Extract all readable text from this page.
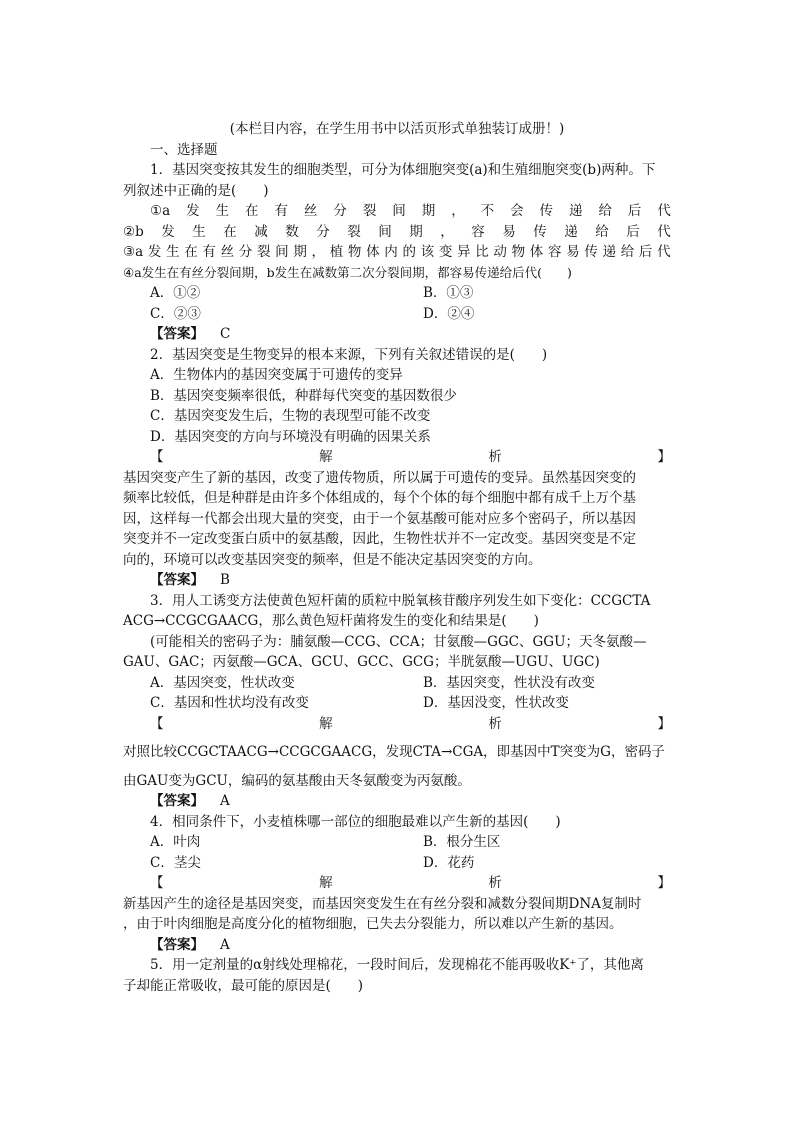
(本栏目内容，在学生用书中以活页形式单独装订成册！)
一、选择题
1．基因突变按其发生的细胞类型，可分为体细胞突变(a)和生殖细胞突变(b)两种。下
列叙述中正确的是(　　)
①a 发 生 在 有 丝 分 裂 间 期 ， 不 会 传 递 给 后 代
②b 发 生 在 减 数 分 裂 间 期 ， 容 易 传 递 给 后 代
③a 发 生 在 有 丝 分 裂 间 期 ， 植 物 体 内 的 该 变 异 比 动 物 体 容 易 传 递 给 后 代
④a发生在有丝分裂间期，b发生在减数第二次分裂间期，都容易传递给后代(　　)
A．①②	B．①③
C．②③	D．②④
【答案】 C
2．基因突变是生物变异的根本来源，下列有关叙述错误的是(　　)
A．生物体内的基因突变属于可遗传的变异
B．基因突变频率很低，种群每代突变的基因数很少
C．基因突变发生后，生物的表现型可能不改变
D．基因突变的方向与环境没有明确的因果关系
【	解	析	】
基因突变产生了新的基因，改变了遗传物质，所以属于可遗传的变异。虽然基因突变的
频率比较低，但是种群是由许多个体组成的，每个个体的每个细胞中都有成千上万个基
因，这样每一代都会出现大量的突变，由于一个氨基酸可能对应多个密码子，所以基因
突变并不一定改变蛋白质中的氨基酸，因此，生物性状并不一定改变。基因突变是不定
向的，环境可以改变基因突变的频率，但是不能决定基因突变的方向。
【答案】 B
3．用人工诱变方法使黄色短杆菌的质粒中脱氧核苷酸序列发生如下变化：CCGCTA
ACG→CCGCGAACG，那么黄色短杆菌将发生的变化和结果是(　　)
(可能相关的密码子为：脯氨酸—CCG、CCA；甘氨酸—GGC、GGU；天冬氨酸—
GAU、GAC；丙氨酸—GCA、GCU、GCC、GCG；半胱氨酸—UGU、UGC)
A．基因突变，性状改变	B．基因突变，性状没有改变
C．基因和性状均没有改变	D．基因没变，性状改变
【	解	析	】
对照比较CCGCTAACG→CCGCGAACG，发现CTA→CGA，即基因中T突变为G，密码子
由GAU变为GCU，编码的氨基酸由天冬氨酸变为丙氨酸。
【答案】 A
4．相同条件下，小麦植株哪一部位的细胞最难以产生新的基因(　　)
A．叶肉	B．根分生区
C．茎尖	D．花药
【	解	析	】
新基因产生的途径是基因突变，而基因突变发生在有丝分裂和减数分裂间期DNA复制时
，由于叶肉细胞是高度分化的植物细胞，已失去分裂能力，所以难以产生新的基因。
【答案】 A
5．用一定剂量的α射线处理棉花，一段时间后，发现棉花不能再吸收K⁺了，其他离
子却能正常吸收，最可能的原因是(　　)
